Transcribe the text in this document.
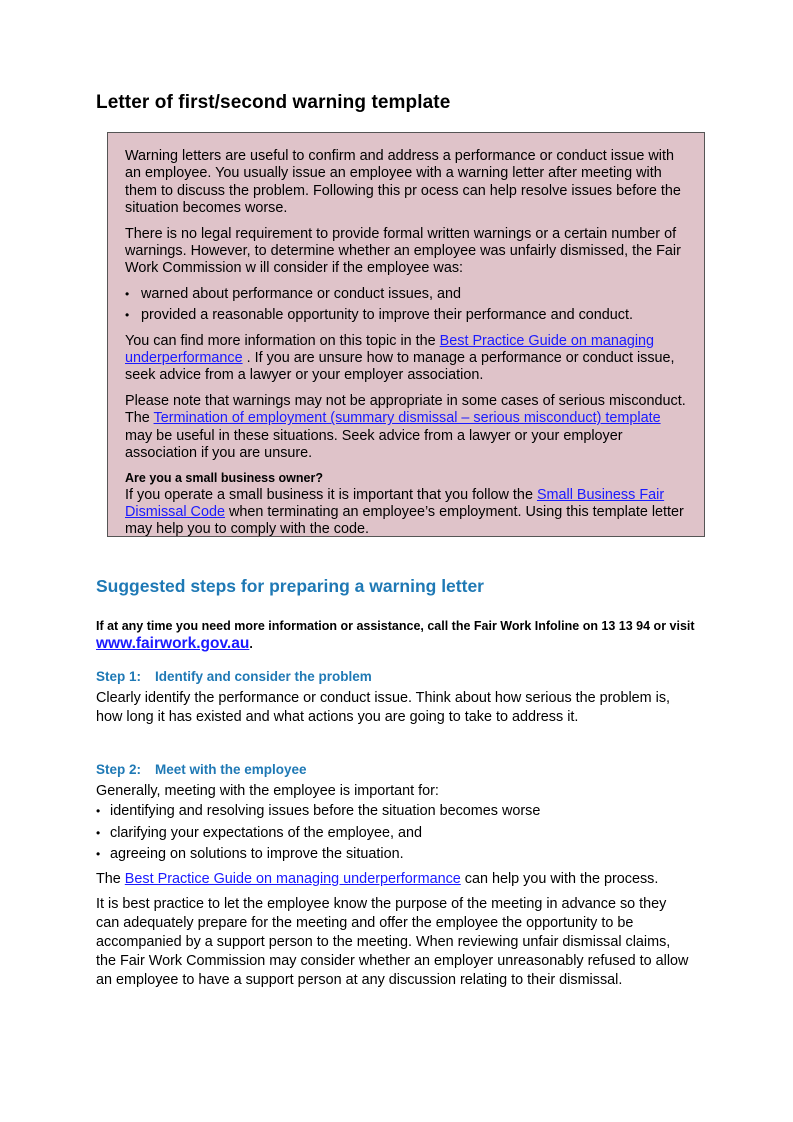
Letter of first/second warning template

Warning letters are useful to confirm and address a performance or conduct issue with an employee. You usually issue an employee with a warning letter after meeting with them to discuss the problem. Following this pr ocess can help resolve issues before the situation becomes worse.

There is no legal requirement to provide formal written warnings or a certain number of warnings. However, to determine whether an employee was unfairly dismissed, the Fair Work Commission w ill consider if the employee was:

• warned about performance or conduct issues, and
• provided a reasonable opportunity to improve their performance and conduct.

You can find more information on this topic in the Best Practice Guide on managing underperformance . If you are unsure how to manage a performance or conduct issue, seek advice from a lawyer or your employer association.

Please note that warnings may not be appropriate in some cases of serious misconduct. The Termination of employment (summary dismissal – serious misconduct) template may be useful in these situations. Seek advice from a lawyer or your employer association if you are unsure.

Are you a small business owner?

If you operate a small business it is important that you follow the Small Business Fair Dismissal Code when terminating an employee’s employment. Using this template letter may help you to comply with the code.

Suggested steps for preparing a warning letter

If at any time you need more information or assistance, call the Fair Work Infoline on 13 13 94 or visit www.fairwork.gov.au.

Step 1: Identify and consider the problem

Clearly identify the performance or conduct issue. Think about how serious the problem is, how long it has existed and what actions you are going to take to address it.

Step 2: Meet with the employee

Generally, meeting with the employee is important for:

• identifying and resolving issues before the situation becomes worse
• clarifying your expectations of the employee, and
• agreeing on solutions to improve the situation.

The Best Practice Guide on managing underperformance can help you with the process.

It is best practice to let the employee know the purpose of the meeting in advance so they can adequately prepare for the meeting and offer the employee the opportunity to be accompanied by a support person to the meeting. When reviewing unfair dismissal claims, the Fair Work Commission may consider whether an employer unreasonably refused to allow an employee to have a support person at any discussion relating to their dismissal.
